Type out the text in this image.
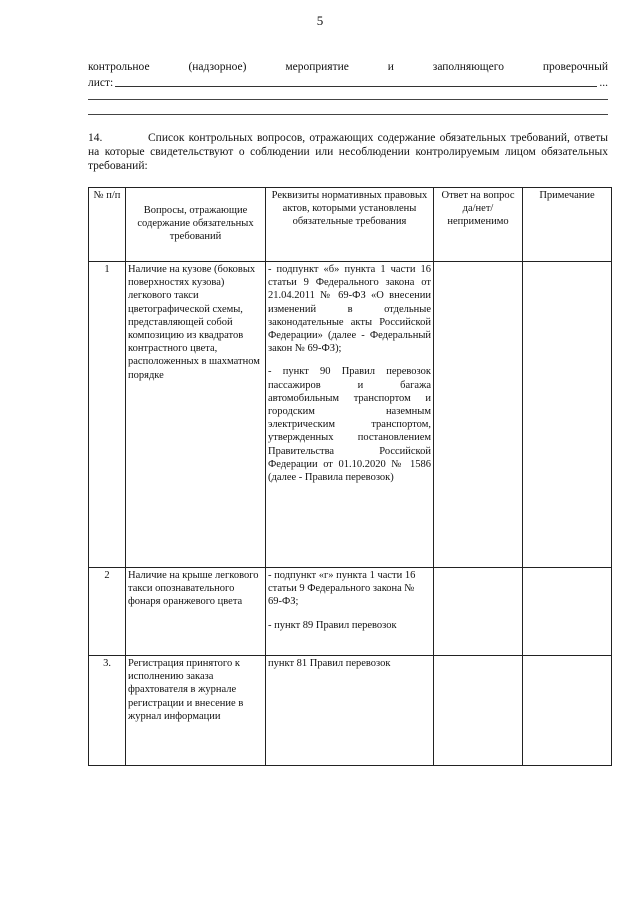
5
контрольное	(надзорное)	мероприятие	и	заполняющего	проверочный
лист:	...
14.	Список контрольных вопросов, отражающих содержание обязательных требований, ответы на которые свидетельствуют о соблюдении или несоблюдении контролируемым лицом обязательных требований:
№ п/п	Вопросы, отражающие содержание обязательных требований	Реквизиты нормативных правовых актов, которыми установлены обязательные требования	Ответ на вопрос да/нет/ неприменимо	Примечание
1	Наличие на кузове (боковых поверхностях кузова) легкового такси цветографической схемы, представляющей собой композицию из квадратов контрастного цвета, расположенных в шахматном порядке	- подпункт «б» пункта 1 части 16 статьи 9 Федерального закона от 21.04.2011 № 69-ФЗ «О внесении изменений в отдельные законодательные акты Российской Федерации» (далее - Федеральный закон № 69-ФЗ);
- пункт 90 Правил перевозок пассажиров и багажа автомобильным транспортом и городским наземным электрическим транспортом, утвержденных постановлением Правительства Российской Федерации от 01.10.2020 № 1586 (далее - Правила перевозок)		
2	Наличие на крыше легкового такси опознавательного фонаря оранжевого цвета	- подпункт «г» пункта 1 части 16 статьи 9 Федерального закона № 69-ФЗ;
- пункт 89 Правил перевозок		
3.	Регистрация принятого к исполнению заказа фрахтователя в журнале регистрации и внесение в журнал информации	пункт 81 Правил перевозок		
